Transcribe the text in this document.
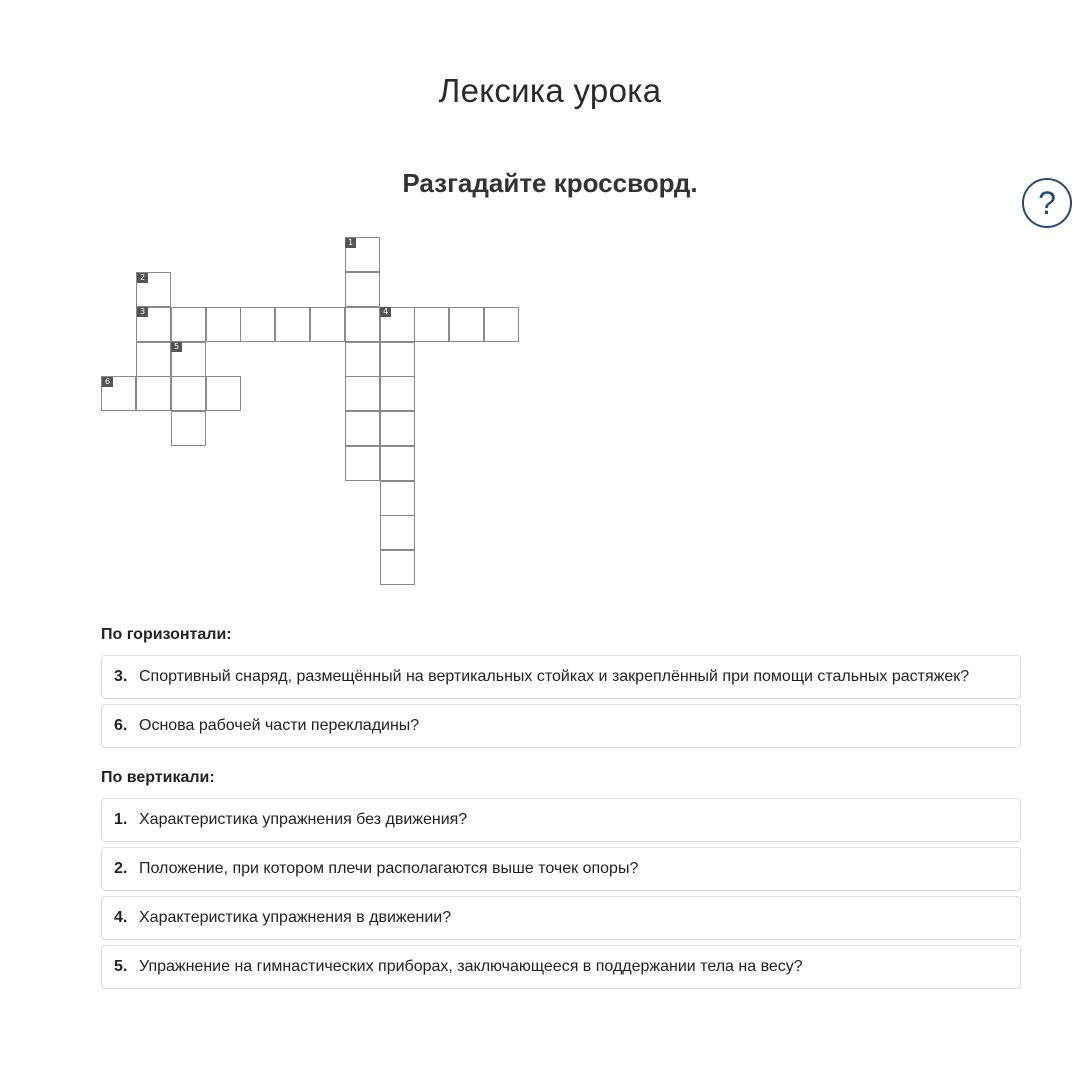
Лексика урока
Разгадайте кроссворд.
?
1
2
3	4
5
6
По горизонтали:
3. Спортивный снаряд, размещённый на вертикальных стойках и закреплённый при помощи стальных растяжек?
6. Основа рабочей части перекладины?
По вертикали:
1. Характеристика упражнения без движения?
2. Положение, при котором плечи располагаются выше точек опоры?
4. Характеристика упражнения в движении?
5. Упражнение на гимнастических приборах, заключающееся в поддержании тела на весу?
